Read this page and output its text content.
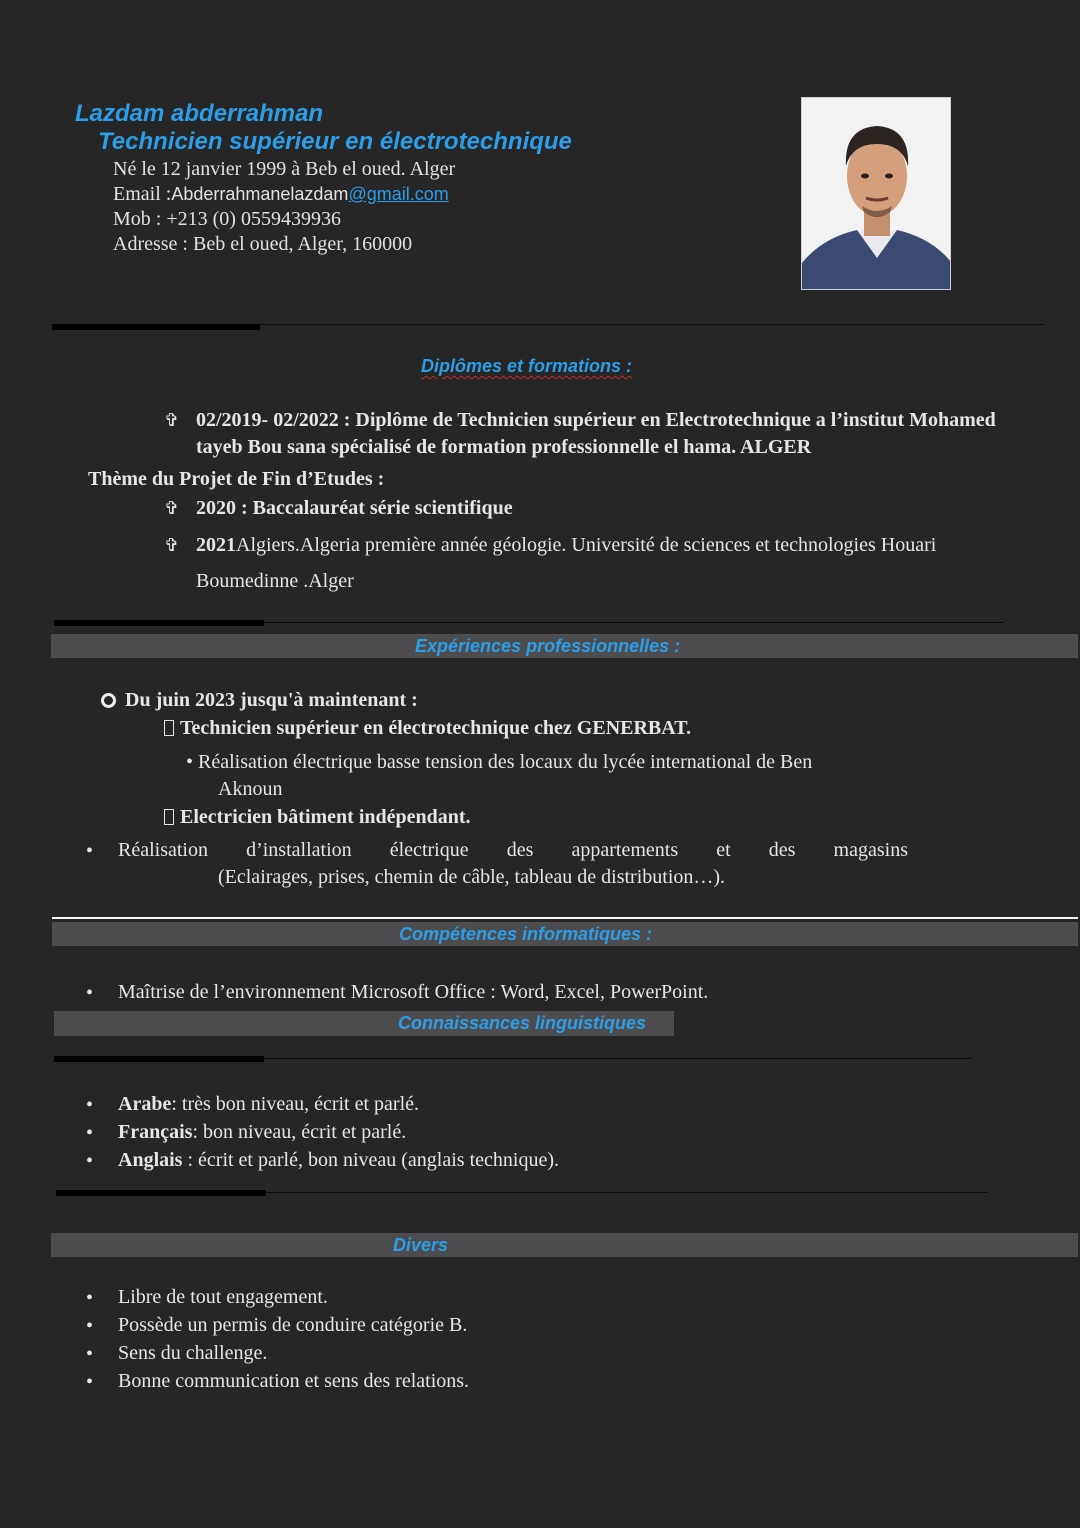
Lazdam abderrahman
Technicien supérieur en électrotechnique
Né le 12 janvier 1999 à Beb el oued. Alger
Email :Abderrahmanelazdam@gmail.com
Mob : +213 (0) 0559439936
Adresse : Beb el oued, Alger, 160000
Diplômes et formations :
✞ 02/2019- 02/2022 : Diplôme de Technicien supérieur en Electrotechnique a l’institut Mohamed
tayeb Bou sana spécialisé de formation professionnelle el hama. ALGER
Thème du Projet de Fin d’Etudes :
✞ 2020 : Baccalauréat série scientifique
✞ 2021Algiers.Algeria première année géologie. Université de sciences et technologies Houari
Boumedinne .Alger
Expériences professionnelles :
Du juin 2023 jusqu'à maintenant :
Technicien supérieur en électrotechnique chez GENERBAT.
• Réalisation électrique basse tension des locaux du lycée international de Ben
Aknoun
Electricien bâtiment indépendant.
• Réalisation d’installation électrique des appartements et des magasins
(Eclairages, prises, chemin de câble, tableau de distribution…).
Compétences informatiques :
• Maîtrise de l’environnement Microsoft Office : Word, Excel, PowerPoint.
Connaissances linguistiques
• Arabe: très bon niveau, écrit et parlé.
• Français: bon niveau, écrit et parlé.
• Anglais : écrit et parlé, bon niveau (anglais technique).
Divers
• Libre de tout engagement.
• Possède un permis de conduire catégorie B.
• Sens du challenge.
• Bonne communication et sens des relations.
